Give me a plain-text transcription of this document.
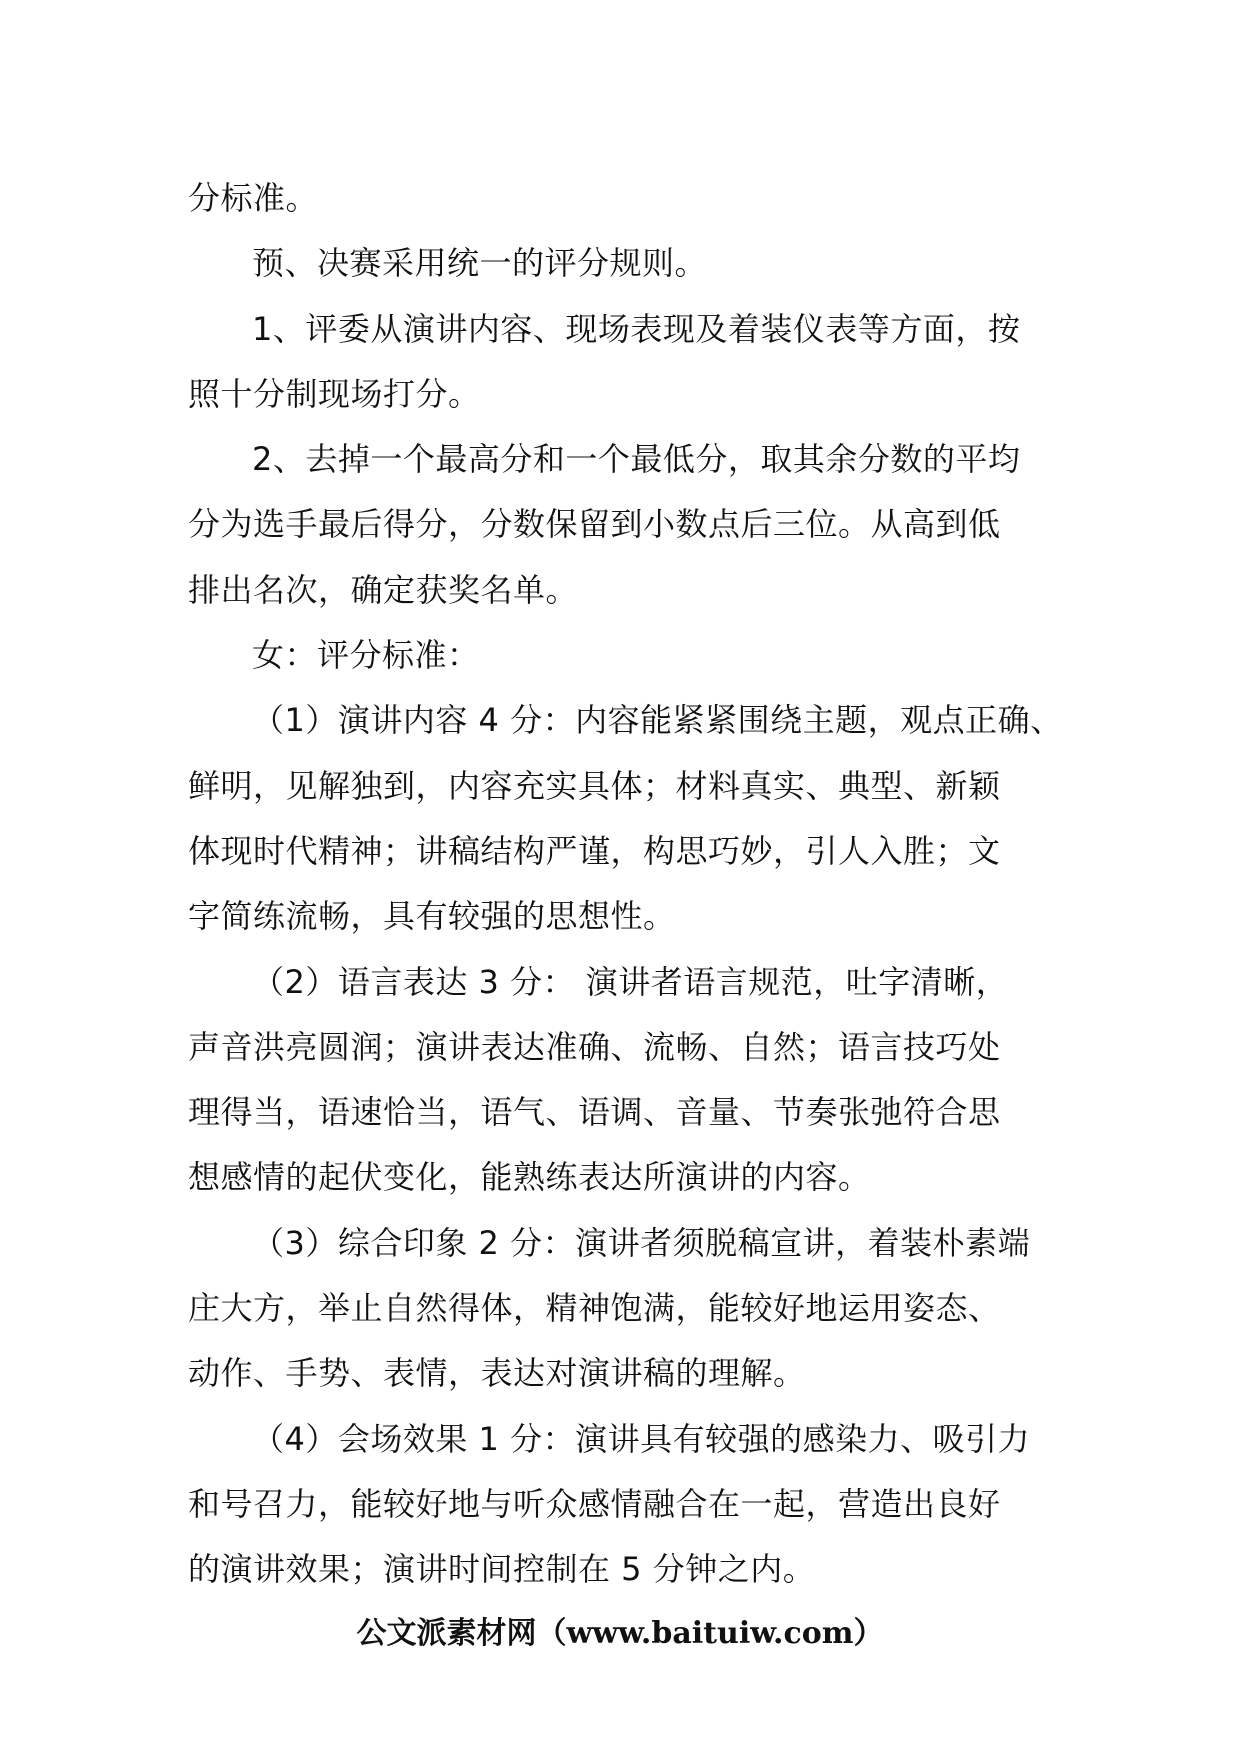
分标准。
预、决赛采用统一的评分规则。
1、评委从演讲内容、现场表现及着装仪表等方面，按
照十分制现场打分。
2、去掉一个最高分和一个最低分，取其余分数的平均
分为选手最后得分，分数保留到小数点后三位。从高到低
排出名次，确定获奖名单。
女：评分标准：
（1）演讲内容 4 分：内容能紧紧围绕主题，观点正确、
鲜明，见解独到，内容充实具体；材料真实、典型、新颖
体现时代精神；讲稿结构严谨，构思巧妙，引人入胜；文
字简练流畅，具有较强的思想性。
（2）语言表达 3 分： 演讲者语言规范，吐字清晰，
声音洪亮圆润；演讲表达准确、流畅、自然；语言技巧处
理得当，语速恰当，语气、语调、音量、节奏张弛符合思
想感情的起伏变化，能熟练表达所演讲的内容。
（3）综合印象 2 分：演讲者须脱稿宣讲，着装朴素端
庄大方，举止自然得体，精神饱满，能较好地运用姿态、
动作、手势、表情，表达对演讲稿的理解。
（4）会场效果 1 分：演讲具有较强的感染力、吸引力
和号召力，能较好地与听众感情融合在一起，营造出良好
的演讲效果；演讲时间控制在 5 分钟之内。
公文派素材网（www.baituiw.com）
